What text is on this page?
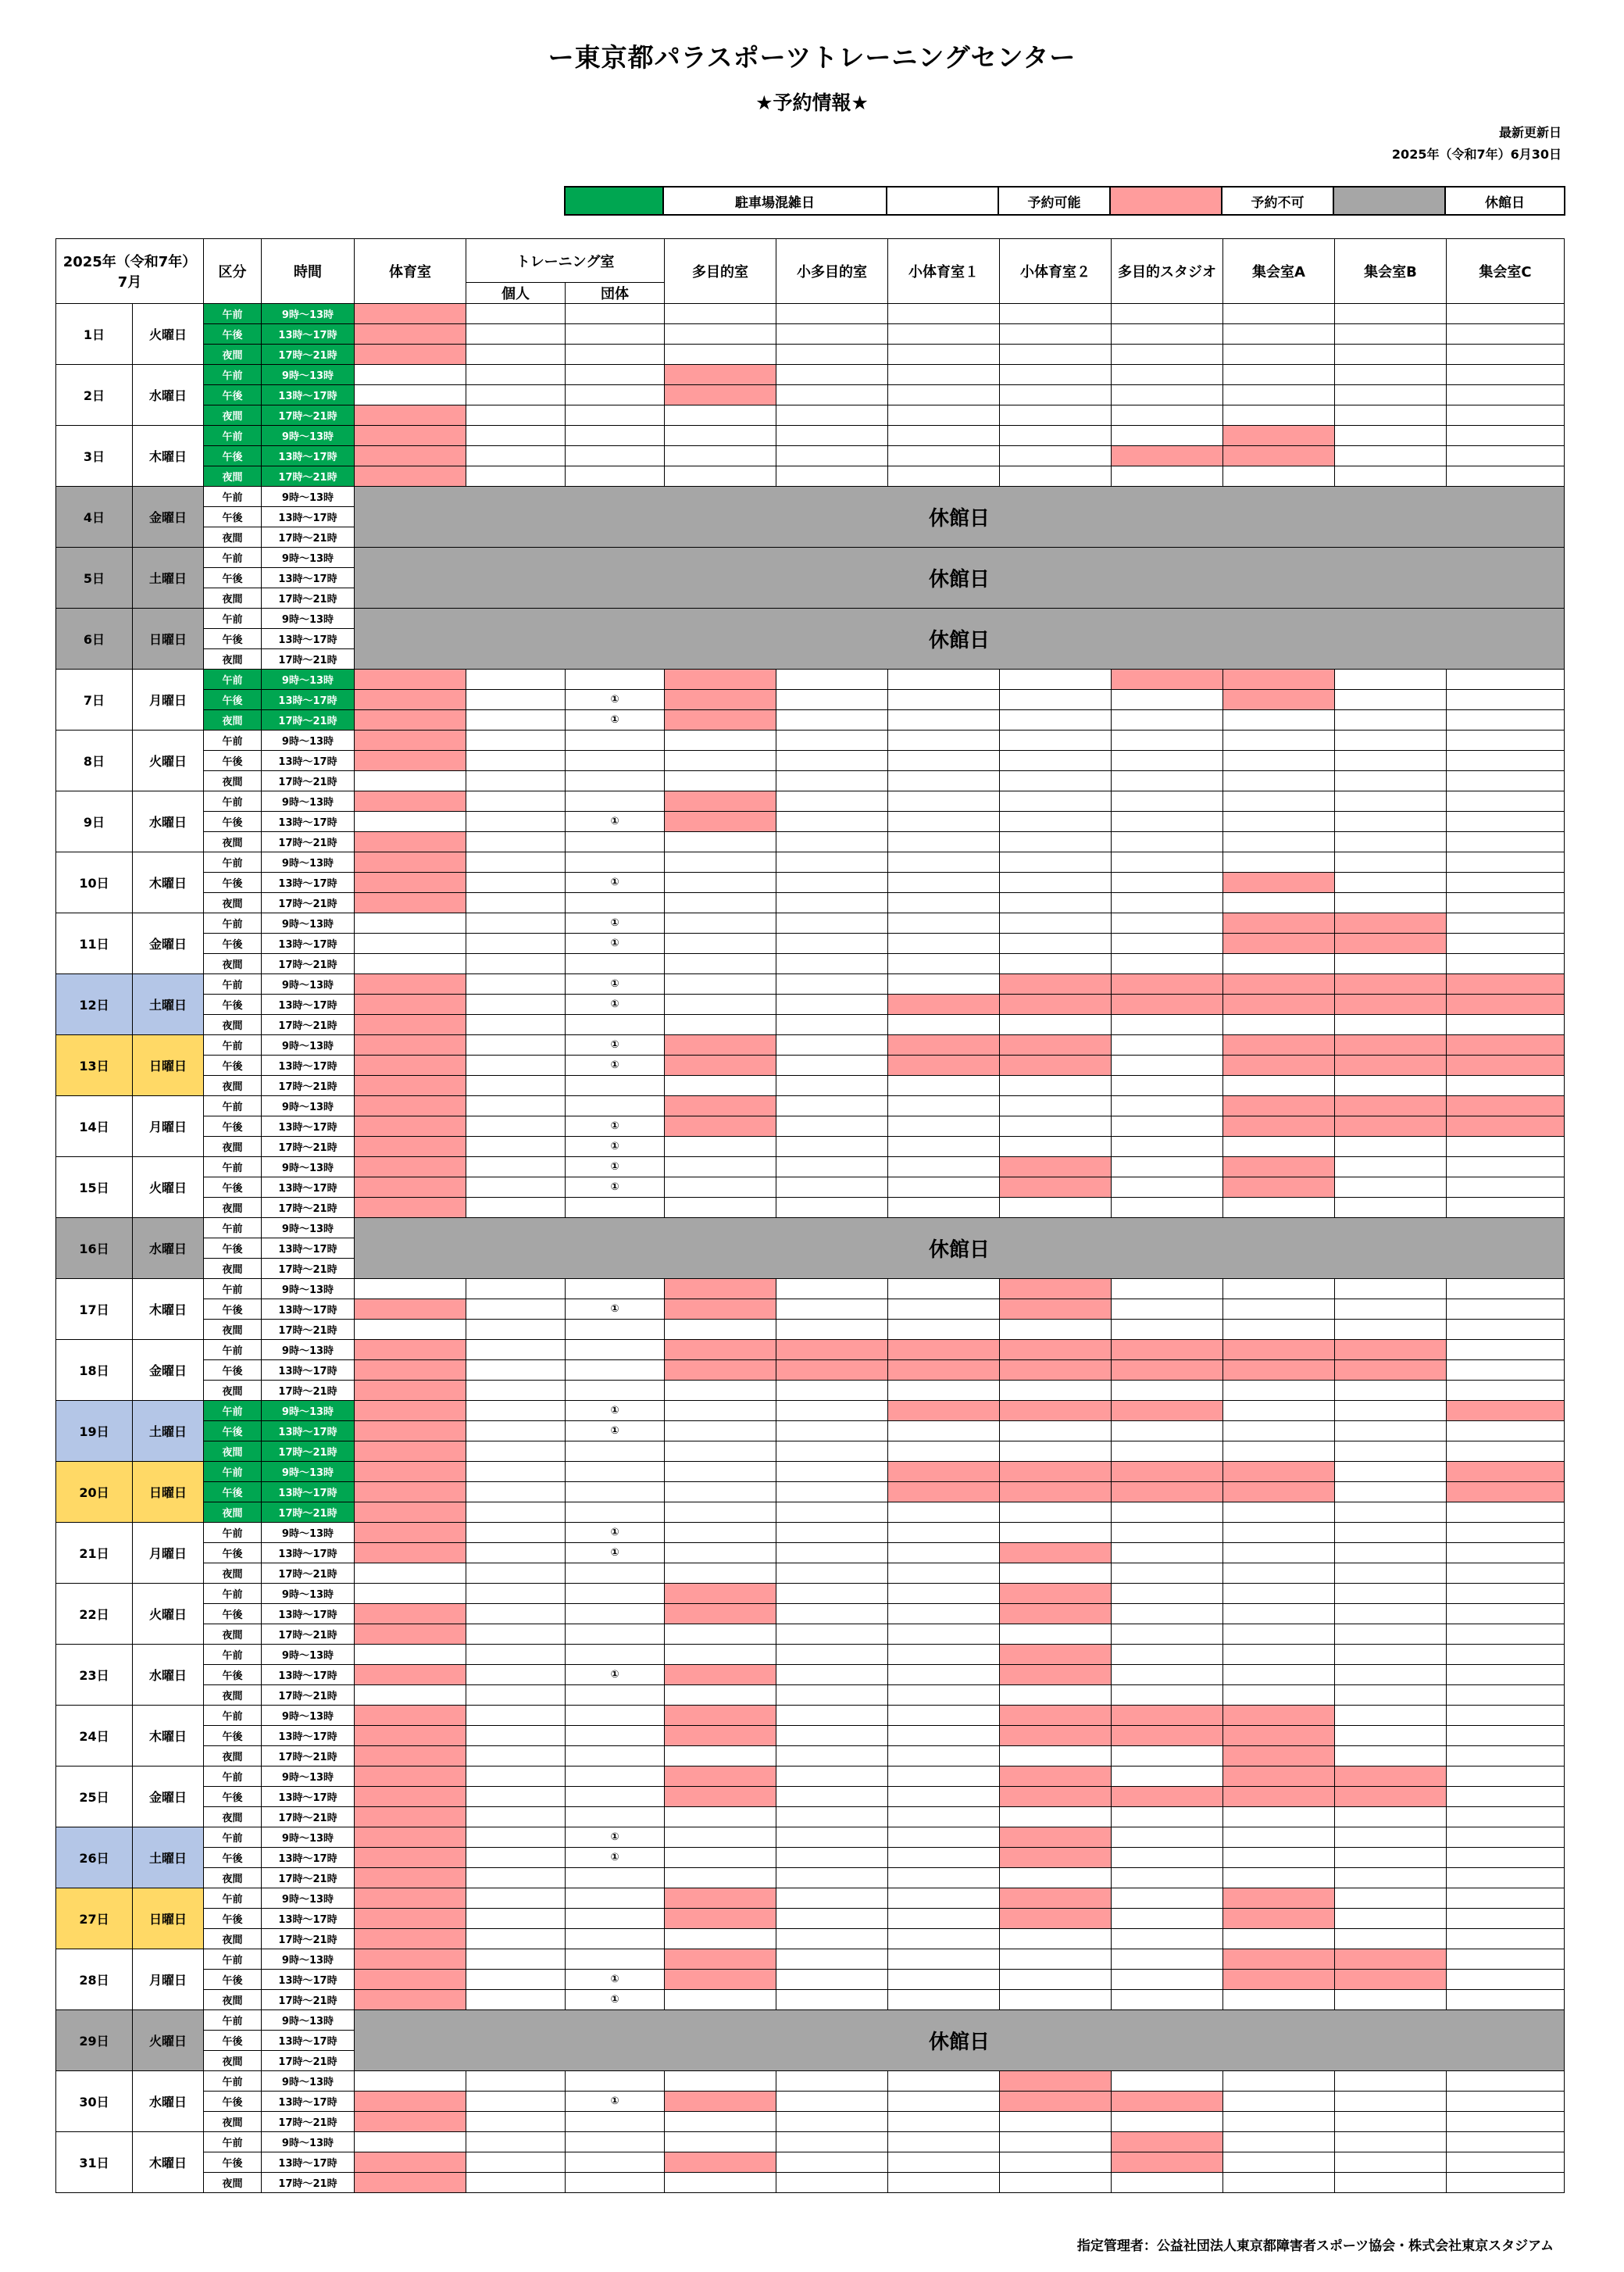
ー東京都パラスポーツトレーニングセンター
★予約情報★
最新更新日
2025年（令和7年）6月30日
	駐車場混雑日		予約可能		予約不可		休館日
2025年（令和7年）
7月		区分	時間	体育室	トレーニング室		多目的室	小多目的室	小体育室１	小体育室２	多目的スタジオ	集会室A	集会室B	集会室C
					個人	団体								
1日	火曜日	午前	9時～13時											
		午後	13時～17時											
		夜間	17時～21時											
2日	水曜日	午前	9時～13時											
		午後	13時～17時											
		夜間	17時～21時											
3日	木曜日	午前	9時～13時											
		午後	13時～17時											
		夜間	17時～21時											
4日	金曜日	午前	9時～13時	休館日										
		午後	13時～17時											
		夜間	17時～21時											
5日	土曜日	午前	9時～13時	休館日										
		午後	13時～17時											
		夜間	17時～21時											
6日	日曜日	午前	9時～13時	休館日										
		午後	13時～17時											
		夜間	17時～21時											
7日	月曜日	午前	9時～13時											
		午後	13時～17時			①								
		夜間	17時～21時			①								
8日	火曜日	午前	9時～13時											
		午後	13時～17時											
		夜間	17時～21時											
9日	水曜日	午前	9時～13時											
		午後	13時～17時			①								
		夜間	17時～21時											
10日	木曜日	午前	9時～13時											
		午後	13時～17時			①								
		夜間	17時～21時											
11日	金曜日	午前	9時～13時			①								
		午後	13時～17時			①								
		夜間	17時～21時											
12日	土曜日	午前	9時～13時			①								
		午後	13時～17時			①								
		夜間	17時～21時											
13日	日曜日	午前	9時～13時			①								
		午後	13時～17時			①								
		夜間	17時～21時											
14日	月曜日	午前	9時～13時											
		午後	13時～17時			①								
		夜間	17時～21時			①								
15日	火曜日	午前	9時～13時			①								
		午後	13時～17時			①								
		夜間	17時～21時											
16日	水曜日	午前	9時～13時	休館日										
		午後	13時～17時											
		夜間	17時～21時											
17日	木曜日	午前	9時～13時											
		午後	13時～17時			①								
		夜間	17時～21時											
18日	金曜日	午前	9時～13時											
		午後	13時～17時											
		夜間	17時～21時											
19日	土曜日	午前	9時～13時			①								
		午後	13時～17時			①								
		夜間	17時～21時											
20日	日曜日	午前	9時～13時											
		午後	13時～17時											
		夜間	17時～21時											
21日	月曜日	午前	9時～13時			①								
		午後	13時～17時			①								
		夜間	17時～21時											
22日	火曜日	午前	9時～13時											
		午後	13時～17時											
		夜間	17時～21時											
23日	水曜日	午前	9時～13時											
		午後	13時～17時			①								
		夜間	17時～21時											
24日	木曜日	午前	9時～13時											
		午後	13時～17時											
		夜間	17時～21時											
25日	金曜日	午前	9時～13時											
		午後	13時～17時											
		夜間	17時～21時											
26日	土曜日	午前	9時～13時			①								
		午後	13時～17時			①								
		夜間	17時～21時											
27日	日曜日	午前	9時～13時											
		午後	13時～17時											
		夜間	17時～21時											
28日	月曜日	午前	9時～13時											
		午後	13時～17時			①								
		夜間	17時～21時			①								
29日	火曜日	午前	9時～13時	休館日										
		午後	13時～17時											
		夜間	17時～21時											
30日	水曜日	午前	9時～13時											
		午後	13時～17時			①								
		夜間	17時～21時											
31日	木曜日	午前	9時～13時											
		午後	13時～17時											
		夜間	17時～21時											
指定管理者：公益社団法人東京都障害者スポーツ協会・株式会社東京スタジアム
